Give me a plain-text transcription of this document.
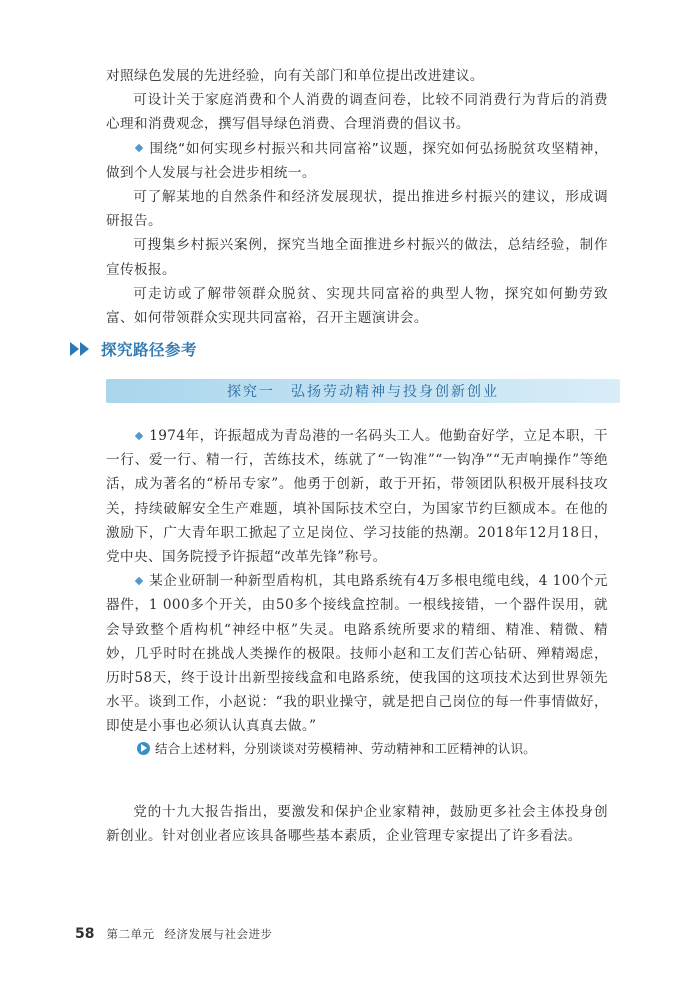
对照绿色发展的先进经验，向有关部门和单位提出改进建议。

可设计关于家庭消费和个人消费的调查问卷，比较不同消费行为背后的消费心理和消费观念，撰写倡导绿色消费、合理消费的倡议书。

围绕“如何实现乡村振兴和共同富裕”议题，探究如何弘扬脱贫攻坚精神，做到个人发展与社会进步相统一。

可了解某地的自然条件和经济发展现状，提出推进乡村振兴的建议，形成调研报告。

可搜集乡村振兴案例，探究当地全面推进乡村振兴的做法，总结经验，制作宣传板报。

可走访或了解带领群众脱贫、实现共同富裕的典型人物，探究如何勤劳致富、如何带领群众实现共同富裕，召开主题演讲会。

探究路径参考
探究一　弘扬劳动精神与投身创新创业

1974年，许振超成为青岛港的一名码头工人。他勤奋好学，立足本职，干一行、爱一行、精一行，苦练技术，练就了“一钩准”“一钩净”“无声响操作”等绝活，成为著名的“桥吊专家”。他勇于创新，敢于开拓，带领团队积极开展科技攻关，持续破解安全生产难题，填补国际技术空白，为国家节约巨额成本。在他的激励下，广大青年职工掀起了立足岗位、学习技能的热潮。2018年12月18日，党中央、国务院授予许振超“改革先锋”称号。

某企业研制一种新型盾构机，其电路系统有4万多根电缆电线，4 100个元器件，1 000多个开关，由50多个接线盒控制。一根线接错，一个器件误用，就会导致整个盾构机“神经中枢”失灵。电路系统所要求的精细、精准、精微、精妙，几乎时时在挑战人类操作的极限。技师小赵和工友们苦心钻研、殚精竭虑，历时58天，终于设计出新型接线盒和电路系统，使我国的这项技术达到世界领先水平。谈到工作，小赵说：“我的职业操守，就是把自己岗位的每一件事情做好，即使是小事也必须认认真真去做。”

结合上述材料，分别谈谈对劳模精神、劳动精神和工匠精神的认识。

党的十九大报告指出，要激发和保护企业家精神，鼓励更多社会主体投身创新创业。针对创业者应该具备哪些基本素质，企业管理专家提出了许多看法。

58 第二单元 经济发展与社会进步
